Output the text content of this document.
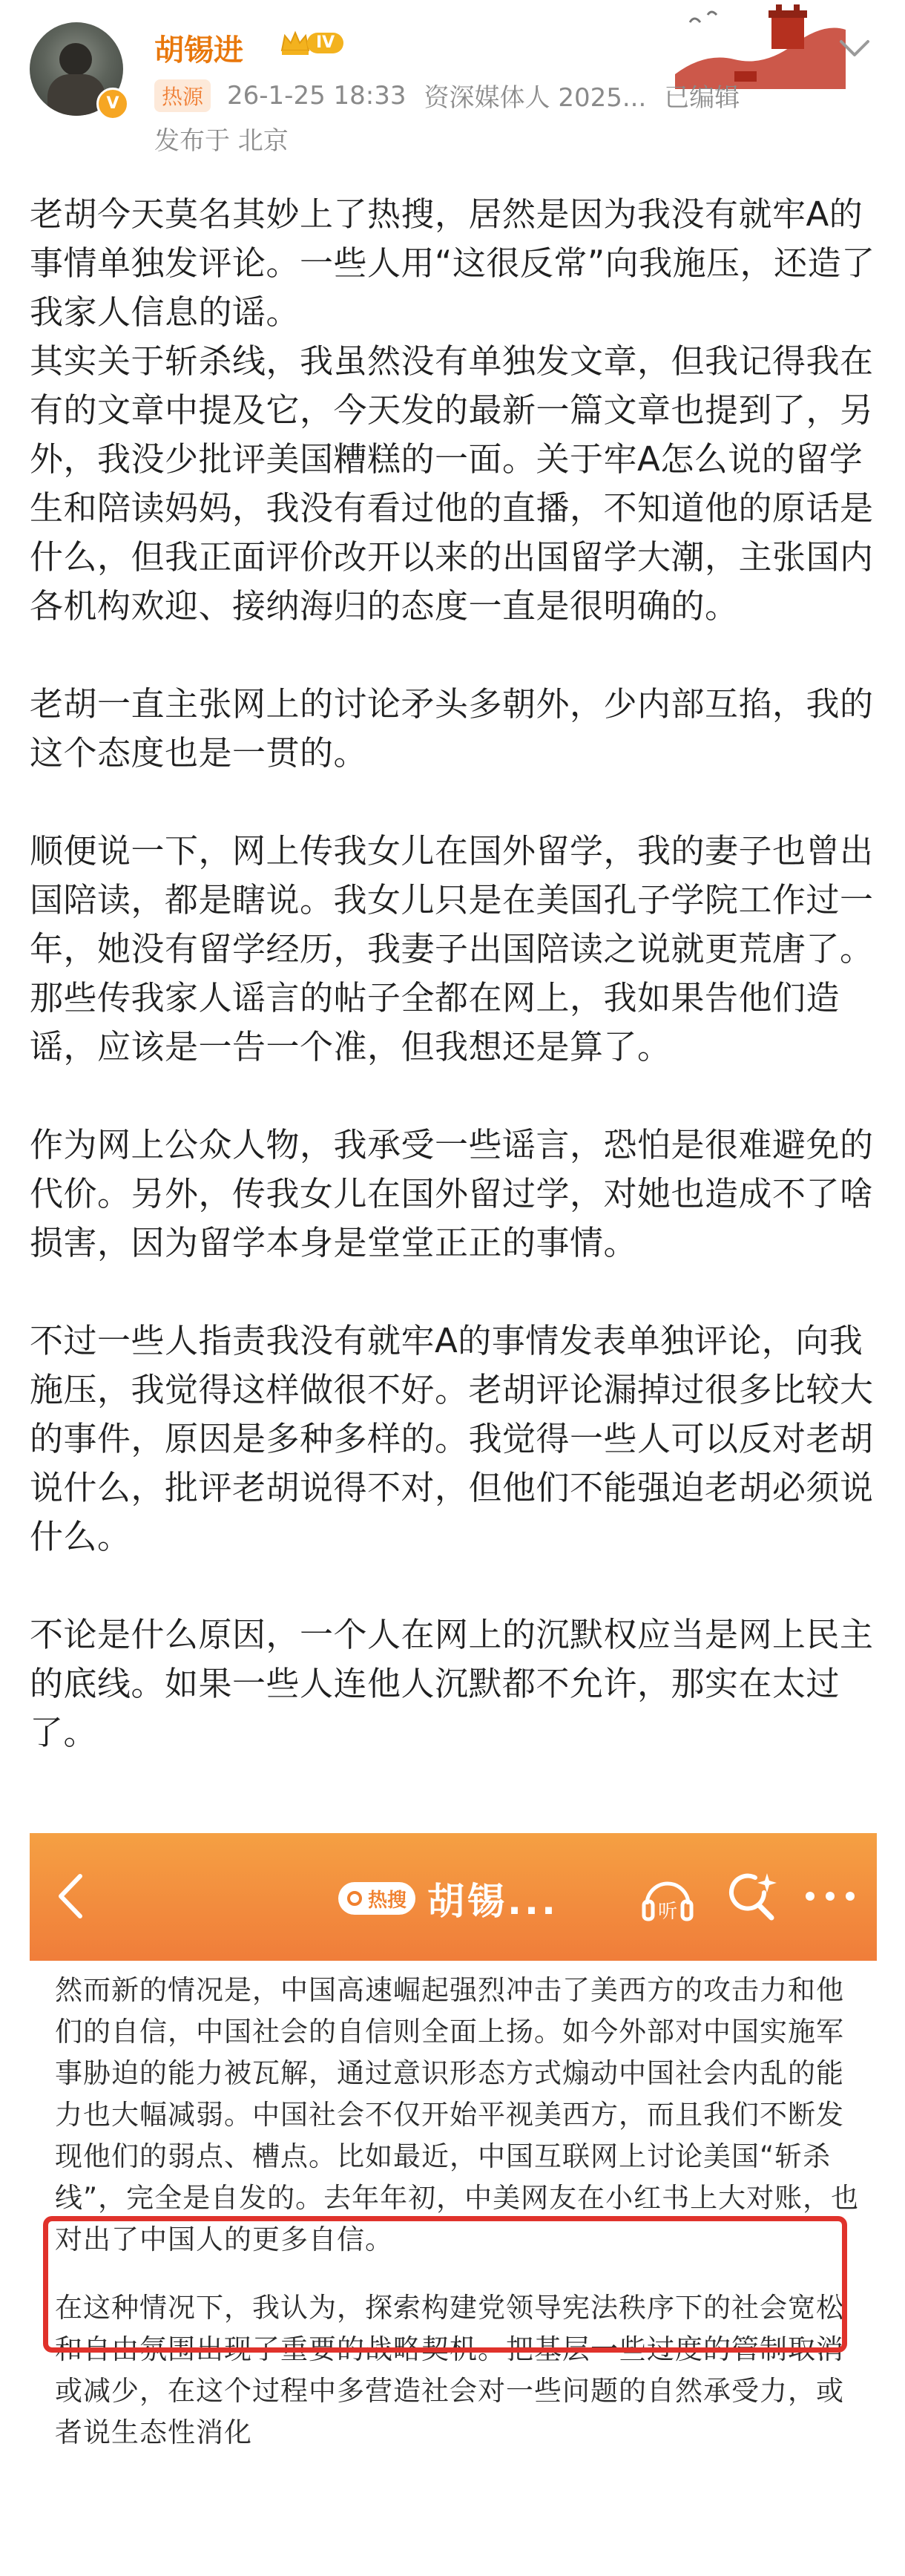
V
胡锡进	IV
热源 26-1-25 18:33 资深媒体人 2025... 已编辑
发布于 北京

老胡今天莫名其妙上了热搜，居然是因为我没有就牢A的事情单独发评论。一些人用“这很反常”向我施压，还造了我家人信息的谣。

其实关于斩杀线，我虽然没有单独发文章，但我记得我在有的文章中提及它，今天发的最新一篇文章也提到了，另外，我没少批评美国糟糕的一面。关于牢A怎么说的留学生和陪读妈妈，我没有看过他的直播，不知道他的原话是什么，但我正面评价改开以来的出国留学大潮，主张国内各机构欢迎、接纳海归的态度一直是很明确的。

老胡一直主张网上的讨论矛头多朝外，少内部互掐，我的这个态度也是一贯的。

顺便说一下，网上传我女儿在国外留学，我的妻子也曾出国陪读，都是瞎说。我女儿只是在美国孔子学院工作过一年，她没有留学经历，我妻子出国陪读之说就更荒唐了。那些传我家人谣言的帖子全都在网上，我如果告他们造谣，应该是一告一个准，但我想还是算了。

作为网上公众人物，我承受一些谣言，恐怕是很难避免的代价。另外，传我女儿在国外留过学，对她也造成不了啥损害，因为留学本身是堂堂正正的事情。

不过一些人指责我没有就牢A的事情发表单独评论，向我施压，我觉得这样做很不好。老胡评论漏掉过很多比较大的事件，原因是多种多样的。我觉得一些人可以反对老胡说什么，批评老胡说得不对，但他们不能强迫老胡必须说什么。

不论是什么原因，一个人在网上的沉默权应当是网上民主的底线。如果一些人连他人沉默都不允许，那实在太过了。

热搜 胡锡...	听

然而新的情况是，中国高速崛起强烈冲击了美西方的攻击力和他们的自信，中国社会的自信则全面上扬。如今外部对中国实施军事胁迫的能力被瓦解，通过意识形态方式煽动中国社会内乱的能力也大幅减弱。中国社会不仅开始平视美西方，而且我们不断发现他们的弱点、槽点。比如最近，中国互联网上讨论美国“斩杀线”，完全是自发的。去年年初，中美网友在小红书上大对账，也对出了中国人的更多自信。

在这种情况下，我认为，探索构建党领导宪法秩序下的社会宽松和自由氛围出现了重要的战略契机。把基层一些过度的管制取消或减少，在这个过程中多营造社会对一些问题的自然承受力，或者说生态性消化
